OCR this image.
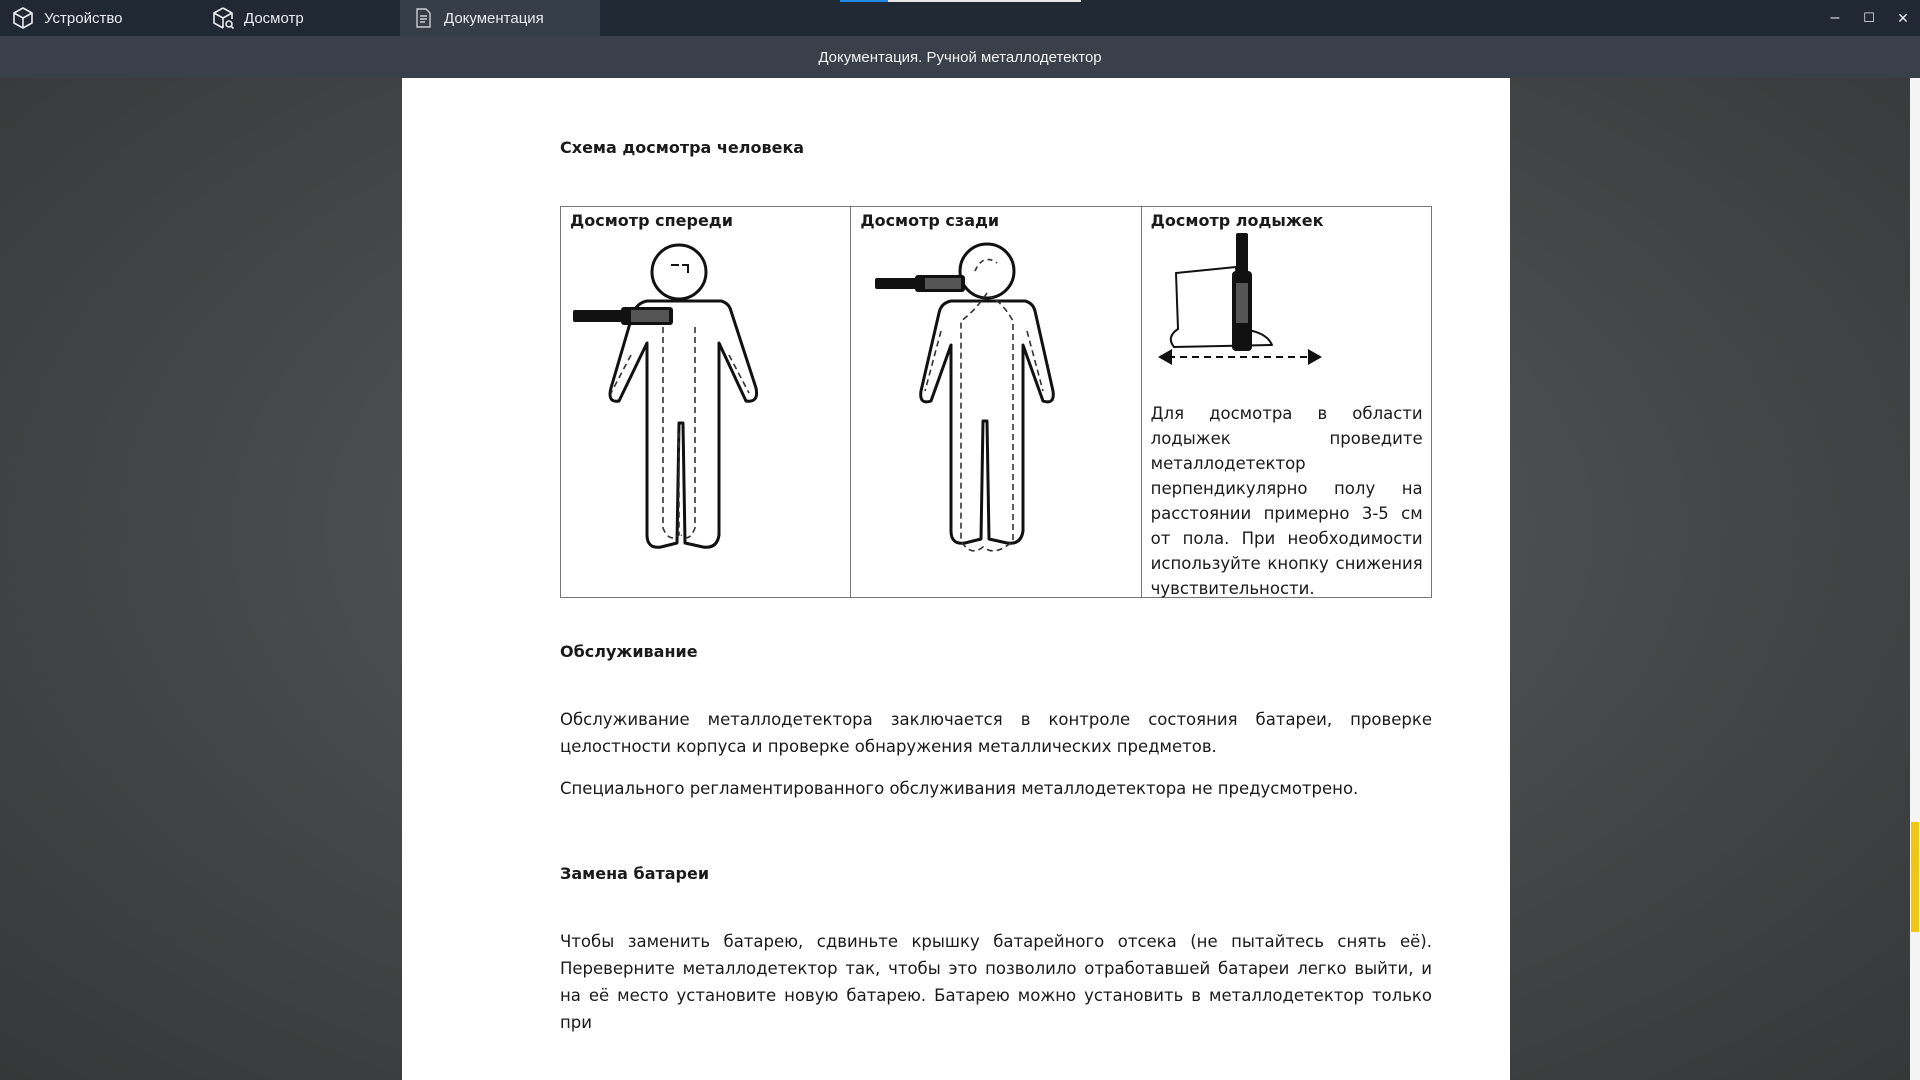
Устройство	Досмотр	Документация	–	☐	✕
Документация. Ручной металлодетектор
Схема досмотра человека
Досмотр спереди	Досмотр сзади	Досмотр лодыжек
Для досмотра в области лодыжек проведите металлодетектор перпендикулярно полу на расстоянии примерно 3-5 см от пола. При необходимости используйте кнопку снижения чувствительности.
Обслуживание
Обслуживание металлодетектора заключается в контроле состояния батареи, проверке целостности корпуса и проверке обнаружения металлических предметов.
Специального регламентированного обслуживания металлодетектора не предусмотрено.
Замена батареи
Чтобы заменить батарею, сдвиньте крышку батарейного отсека (не пытайтесь снять её). Переверните металлодетектор так, чтобы это позволило отработавшей батареи легко выйти, и на её место установите новую батарею. Батарею можно установить в металлодетектор только при
